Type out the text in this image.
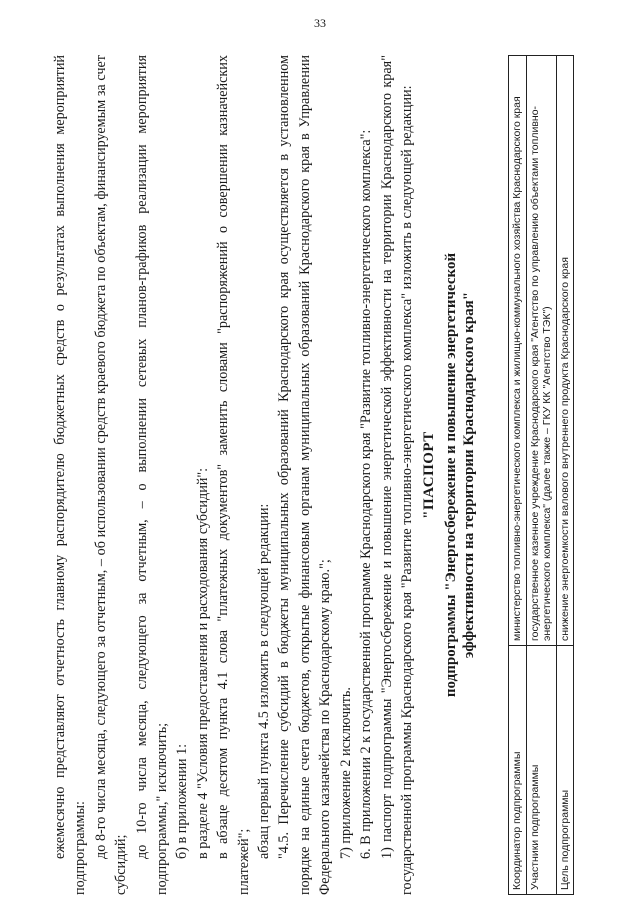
33

ежемесячно представляют отчетность главному распорядителю бюджетных средств о результатах выполнения мероприятий подпрограммы: до 8-го числа месяца, следующего за отчетным, – об использовании средств краевого бюджета по объектам, финансируемым за счет субсидий;

до 10-го числа месяца, следующего за отчетным, – о выполнении сетевых планов-графиков реализации мероприятия подпрограммы," исключить; б) в приложении 1: в разделе 4 "Условия предоставления и расходования субсидий": в абзаце десятом пункта 4.1 слова "платежных документов" заменить словами "распоряжений о совершении казначейских платежей";

абзац первый пункта 4.5 изложить в следующей редакции: "4.5. Перечисление субсидий в бюджеты муниципальных образований Краснодарского края осуществляется в установленном порядке на единые счета бюджетов, открытые финансовым органам муниципальных образований Краснодарского края в Управлении Федерального казначейства по Краснодарскому краю."; 7) приложение 2 исключить. 6. В приложении 2 к государственной программе Краснодарского края "Развитие топливно-энергетического комплекса": 1) паспорт подпрограммы "Энергосбережение и повышение энергетической эффективности на территории Краснодарского края" государственной программы Краснодарского края "Развитие топливно-энергетического комплекса" изложить в следующей редакции: "ПАСПОРТ подпрограммы "Энергосбережение и повышение энергетической эффективности на территории Краснодарского края"
Координатор подпрограммы	министерство топливно-энергетического комплекса и жилищно-коммунального хозяйства Краснодарского края
Участники подпрограммы	государственное казенное учреждение Краснодарского края "Агентство по управлению объектами топливно-энергетического комплекса" (далее также – ГКУ КК "Агентство ТЭК")
Цель подпрограммы	снижение энергоемкости валового внутреннего продукта Краснодарского края
